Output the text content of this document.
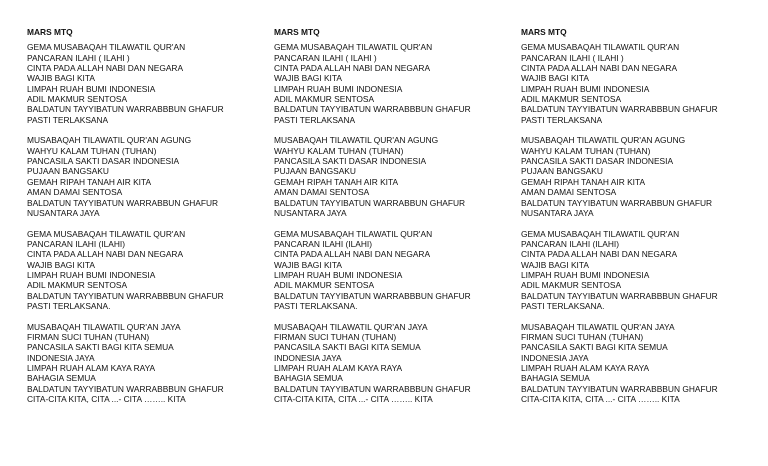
MARS MTQ
GEMA MUSABAQAH TILAWATIL QUR'AN
PANCARAN ILAHI ( ILAHI )
CINTA PADA ALLAH NABI DAN NEGARA
WAJIB BAGI KITA
LIMPAH RUAH BUMI INDONESIA
ADIL MAKMUR SENTOSA
BALDATUN TAYYIBATUN WARRABBBUN GHAFUR
PASTI TERLAKSANA
MUSABAQAH TILAWATIL QUR'AN AGUNG
WAHYU KALAM TUHAN (TUHAN)
PANCASILA SAKTI DASAR INDONESIA
PUJAAN BANGSAKU
GEMAH RIPAH TANAH AIR KITA
AMAN DAMAI SENTOSA
BALDATUN TAYYIBATUN WARRABBUN GHAFUR
NUSANTARA JAYA
GEMA MUSABAQAH TILAWATIL QUR'AN
PANCARAN ILAHI (ILAHI)
CINTA PADA ALLAH NABI DAN NEGARA
WAJIB BAGI KITA
LIMPAH RUAH BUMI INDONESIA
ADIL MAKMUR SENTOSA
BALDATUN TAYYIBATUN WARRABBBUN GHAFUR
PASTI TERLAKSANA.
MUSABAQAH TILAWATIL QUR'AN JAYA
FIRMAN SUCI TUHAN (TUHAN)
PANCASILA SAKTI BAGI KITA SEMUA
INDONESIA JAYA
LIMPAH RUAH ALAM KAYA RAYA
BAHAGIA SEMUA
BALDATUN TAYYIBATUN WARRABBBUN GHAFUR
CITA-CITA KITA, CITA ...- CITA …….. KITA
MARS MTQ
GEMA MUSABAQAH TILAWATIL QUR'AN
PANCARAN ILAHI ( ILAHI )
CINTA PADA ALLAH NABI DAN NEGARA
WAJIB BAGI KITA
LIMPAH RUAH BUMI INDONESIA
ADIL MAKMUR SENTOSA
BALDATUN TAYYIBATUN WARRABBBUN GHAFUR
PASTI TERLAKSANA
MUSABAQAH TILAWATIL QUR'AN AGUNG
WAHYU KALAM TUHAN (TUHAN)
PANCASILA SAKTI DASAR INDONESIA
PUJAAN BANGSAKU
GEMAH RIPAH TANAH AIR KITA
AMAN DAMAI SENTOSA
BALDATUN TAYYIBATUN WARRABBUN GHAFUR
NUSANTARA JAYA
GEMA MUSABAQAH TILAWATIL QUR'AN
PANCARAN ILAHI (ILAHI)
CINTA PADA ALLAH NABI DAN NEGARA
WAJIB BAGI KITA
LIMPAH RUAH BUMI INDONESIA
ADIL MAKMUR SENTOSA
BALDATUN TAYYIBATUN WARRABBBUN GHAFUR
PASTI TERLAKSANA.
MUSABAQAH TILAWATIL QUR'AN JAYA
FIRMAN SUCI TUHAN (TUHAN)
PANCASILA SAKTI BAGI KITA SEMUA
INDONESIA JAYA
LIMPAH RUAH ALAM KAYA RAYA
BAHAGIA SEMUA
BALDATUN TAYYIBATUN WARRABBBUN GHAFUR
CITA-CITA KITA, CITA ...- CITA …….. KITA
MARS MTQ
GEMA MUSABAQAH TILAWATIL QUR'AN
PANCARAN ILAHI ( ILAHI )
CINTA PADA ALLAH NABI DAN NEGARA
WAJIB BAGI KITA
LIMPAH RUAH BUMI INDONESIA
ADIL MAKMUR SENTOSA
BALDATUN TAYYIBATUN WARRABBBUN GHAFUR
PASTI TERLAKSANA
MUSABAQAH TILAWATIL QUR'AN AGUNG
WAHYU KALAM TUHAN (TUHAN)
PANCASILA SAKTI DASAR INDONESIA
PUJAAN BANGSAKU
GEMAH RIPAH TANAH AIR KITA
AMAN DAMAI SENTOSA
BALDATUN TAYYIBATUN WARRABBUN GHAFUR
NUSANTARA JAYA
GEMA MUSABAQAH TILAWATIL QUR'AN
PANCARAN ILAHI (ILAHI)
CINTA PADA ALLAH NABI DAN NEGARA
WAJIB BAGI KITA
LIMPAH RUAH BUMI INDONESIA
ADIL MAKMUR SENTOSA
BALDATUN TAYYIBATUN WARRABBBUN GHAFUR
PASTI TERLAKSANA.
MUSABAQAH TILAWATIL QUR'AN JAYA
FIRMAN SUCI TUHAN (TUHAN)
PANCASILA SAKTI BAGI KITA SEMUA
INDONESIA JAYA
LIMPAH RUAH ALAM KAYA RAYA
BAHAGIA SEMUA
BALDATUN TAYYIBATUN WARRABBBUN GHAFUR
CITA-CITA KITA, CITA ...- CITA …….. KITA
